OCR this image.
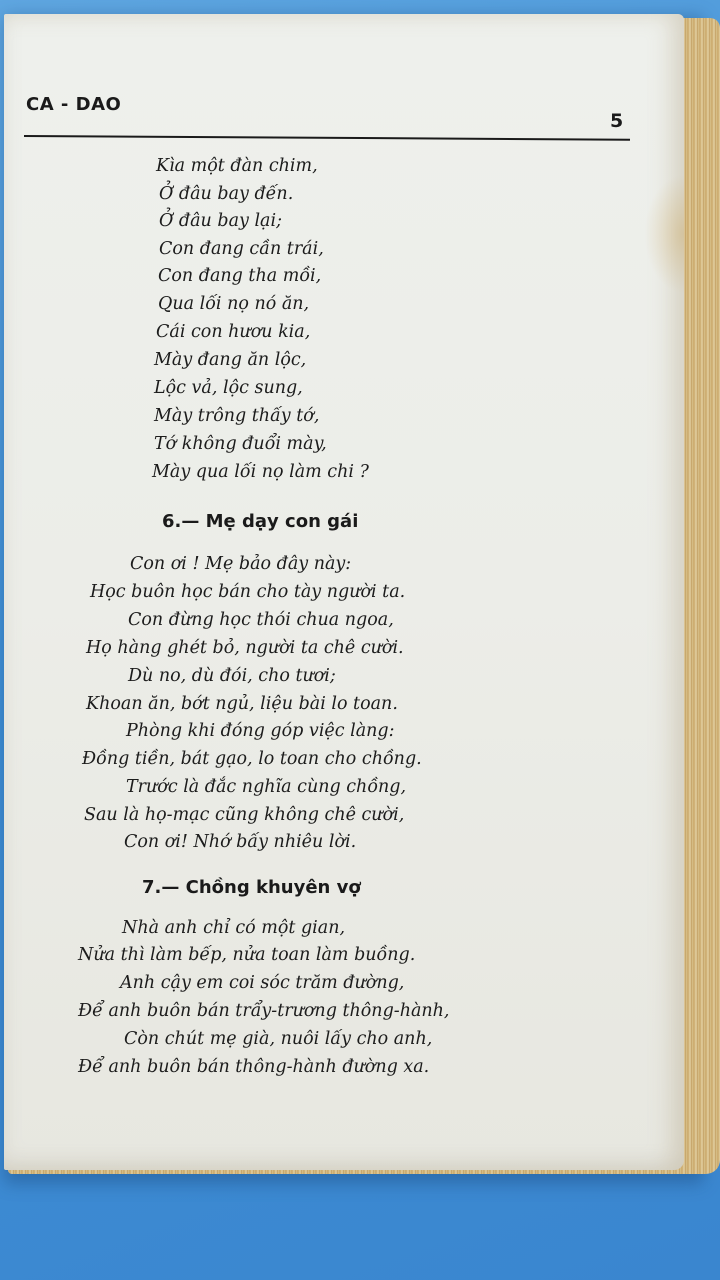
CA - DAO
5
Kìa một đàn chim,
Ở đâu bay đến.
Ở đâu bay lại;
Con đang cần trái,
Con đang tha mồi,
Qua lối nọ nó ăn,
Cái con hươu kia,
Mày đang ăn lộc,
Lộc vả, lộc sung,
Mày trông thấy tớ,
Tớ không đuổi mày,
Mày qua lối nọ làm chi ?
6.— Mẹ dạy con gái
Con ơi ! Mẹ bảo đây này:
Học buôn học bán cho tày người ta.
Con đừng học thói chua ngoa,
Họ hàng ghét bỏ, người ta chê cười.
Dù no, dù đói, cho tươi;
Khoan ăn, bớt ngủ, liệu bài lo toan.
Phòng khi đóng góp việc làng:
Đồng tiền, bát gạo, lo toan cho chồng.
Trước là đắc nghĩa cùng chồng,
Sau là họ-mạc cũng không chê cười,
Con ơi! Nhớ bấy nhiêu lời.
7.— Chồng khuyên vợ
Nhà anh chỉ có một gian,
Nửa thì làm bếp, nửa toan làm buồng.
Anh cậy em coi sóc trăm đường,
Để anh buôn bán trẩy-trương thông-hành,
Còn chút mẹ già, nuôi lấy cho anh,
Để anh buôn bán thông-hành đường xa.
